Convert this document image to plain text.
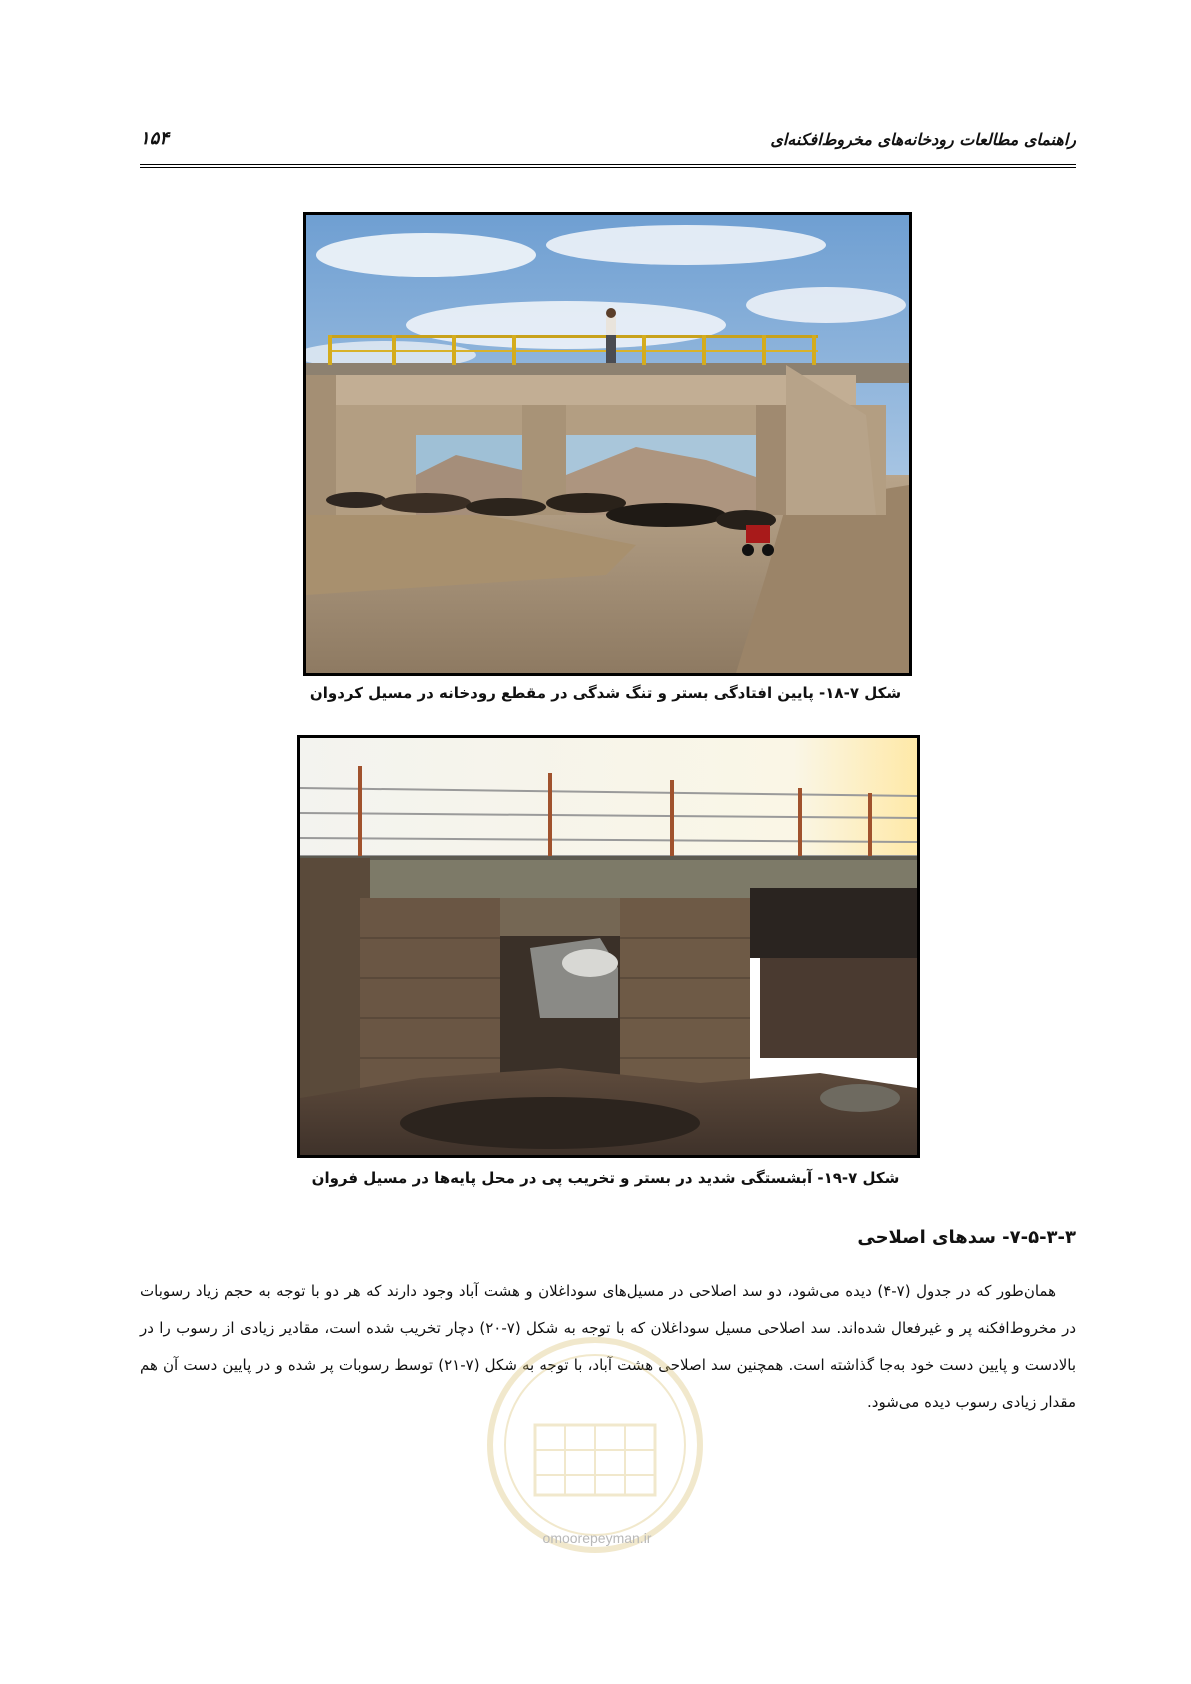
راهنمای مطالعات رودخانه‌های مخروط‌افکنه‌ای
۱۵۴
شکل ۷-۱۸- پایین افتادگی بستر و تنگ شدگی در مقطع رودخانه در مسیل کردوان
شکل ۷-۱۹- آبشستگی شدید در بستر و تخریب پی در محل پایه‌ها در مسیل فروان
۷-۵-۳-۳- سدهای اصلاحی

همان‌طور که در جدول (۷-۴) دیده می‌شود، دو سد اصلاحی در مسیل‌های سوداغلان و هشت آباد وجود دارند که هر دو با توجه به حجم زیاد رسوبات در مخروط‌افکنه پر و غیرفعال شده‌اند. سد اصلاحی مسیل سوداغلان که با توجه به شکل (۷-۲۰) دچار تخریب شده است، مقادیر زیادی از رسوب را در بالادست و پایین دست خود به‌جا گذاشته است. همچنین سد اصلاحی هشت آباد، با توجه به شکل (۷-۲۱) توسط رسوبات پر شده و در پایین دست آن هم مقدار زیادی رسوب دیده می‌شود.

omoorepeyman.ir
